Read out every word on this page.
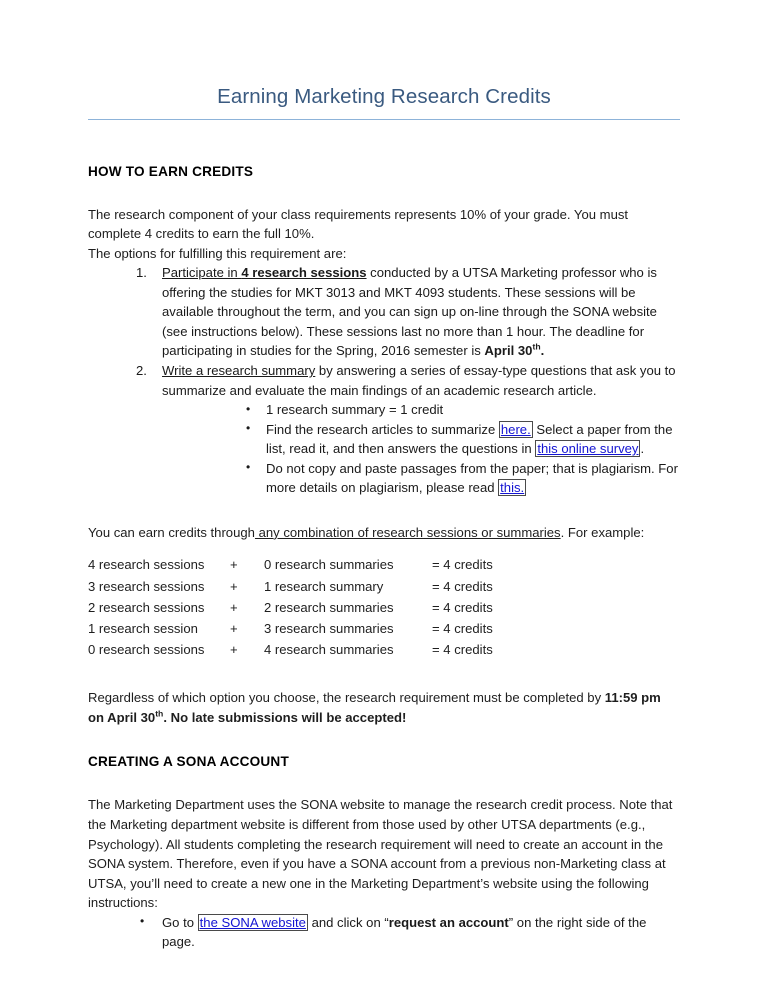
Earning Marketing Research Credits
HOW TO EARN CREDITS

The research component of your class requirements represents 10% of your grade. You must
complete 4 credits to earn the full 10%.

The options for fulfilling this requirement are:

Participate in 4 research sessions conducted by a UTSA Marketing professor who is offering the studies for MKT 3013 and MKT 4093 students. These sessions will be available throughout the term, and you can sign up on-line through the SONA website (see instructions below). These sessions last no more than 1 hour. The deadline for participating in studies for the Spring, 2016 semester is April 30th.
Write a research summary by answering a series of essay-type questions that ask you to summarize and evaluate the main findings of an academic research article.
• 1 research summary = 1 credit
• Find the research articles to summarize here. Select a paper from the list, read it, and then answers the questions in this online survey .
• Do not copy and paste passages from the paper; that is plagiarism. For more details on plagiarism, please read this.

You can earn credits through any combination of research sessions or summaries. For example:

4 research sessions	+	0 research summaries	= 4 credits
3 research sessions	+	1 research summary	= 4 credits
2 research sessions	+	2 research summaries	= 4 credits
1 research session	+	3 research summaries	= 4 credits
0 research sessions	+	4 research summaries	= 4 credits

Regardless of which option you choose, the research requirement must be completed by 11:59 pm on April 30th. No late submissions will be accepted!

CREATING A SONA ACCOUNT

The Marketing Department uses the SONA website to manage the research credit process. Note that the Marketing department website is different from those used by other UTSA departments (e.g., Psychology). All students completing the research requirement will need to create an account in the SONA system. Therefore, even if you have a SONA account from a previous non-Marketing class at UTSA, you’ll need to create a new one in the Marketing Department’s website using the following instructions:

• Go to the SONA website and click on “request an account” on the right side of the page.
